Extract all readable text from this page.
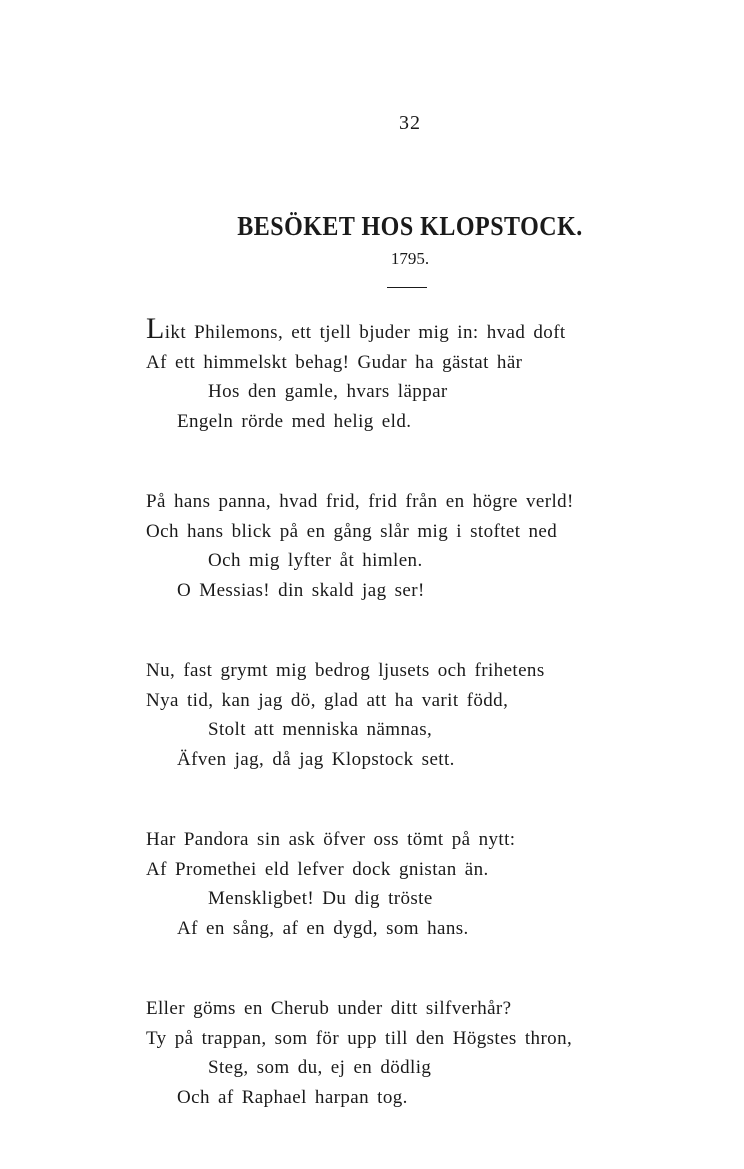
32
BESÖKET HOS KLOPSTOCK.
1795.
Likt Philemons, ett tjell bjuder mig in: hvad doft
Af ett himmelskt behag! Gudar ha gästat här
Hos den gamle, hvars läppar
Engeln rörde med helig eld.
På hans panna, hvad frid, frid från en högre verld!
Och hans blick på en gång slår mig i stoftet ned
Och mig lyfter åt himlen.
O Messias! din skald jag ser!
Nu, fast grymt mig bedrog ljusets och frihetens
Nya tid, kan jag dö, glad att ha varit född,
Stolt att menniska nämnas,
Äfven jag, då jag Klopstock sett.
Har Pandora sin ask öfver oss tömt på nytt:
Af Promethei eld lefver dock gnistan än.
Menskligbet! Du dig tröste
Af en sång, af en dygd, som hans.
Eller göms en Cherub under ditt silfverhår?
Ty på trappan, som för upp till den Högstes thron,
Steg, som du, ej en dödlig
Och af Raphael harpan tog.
